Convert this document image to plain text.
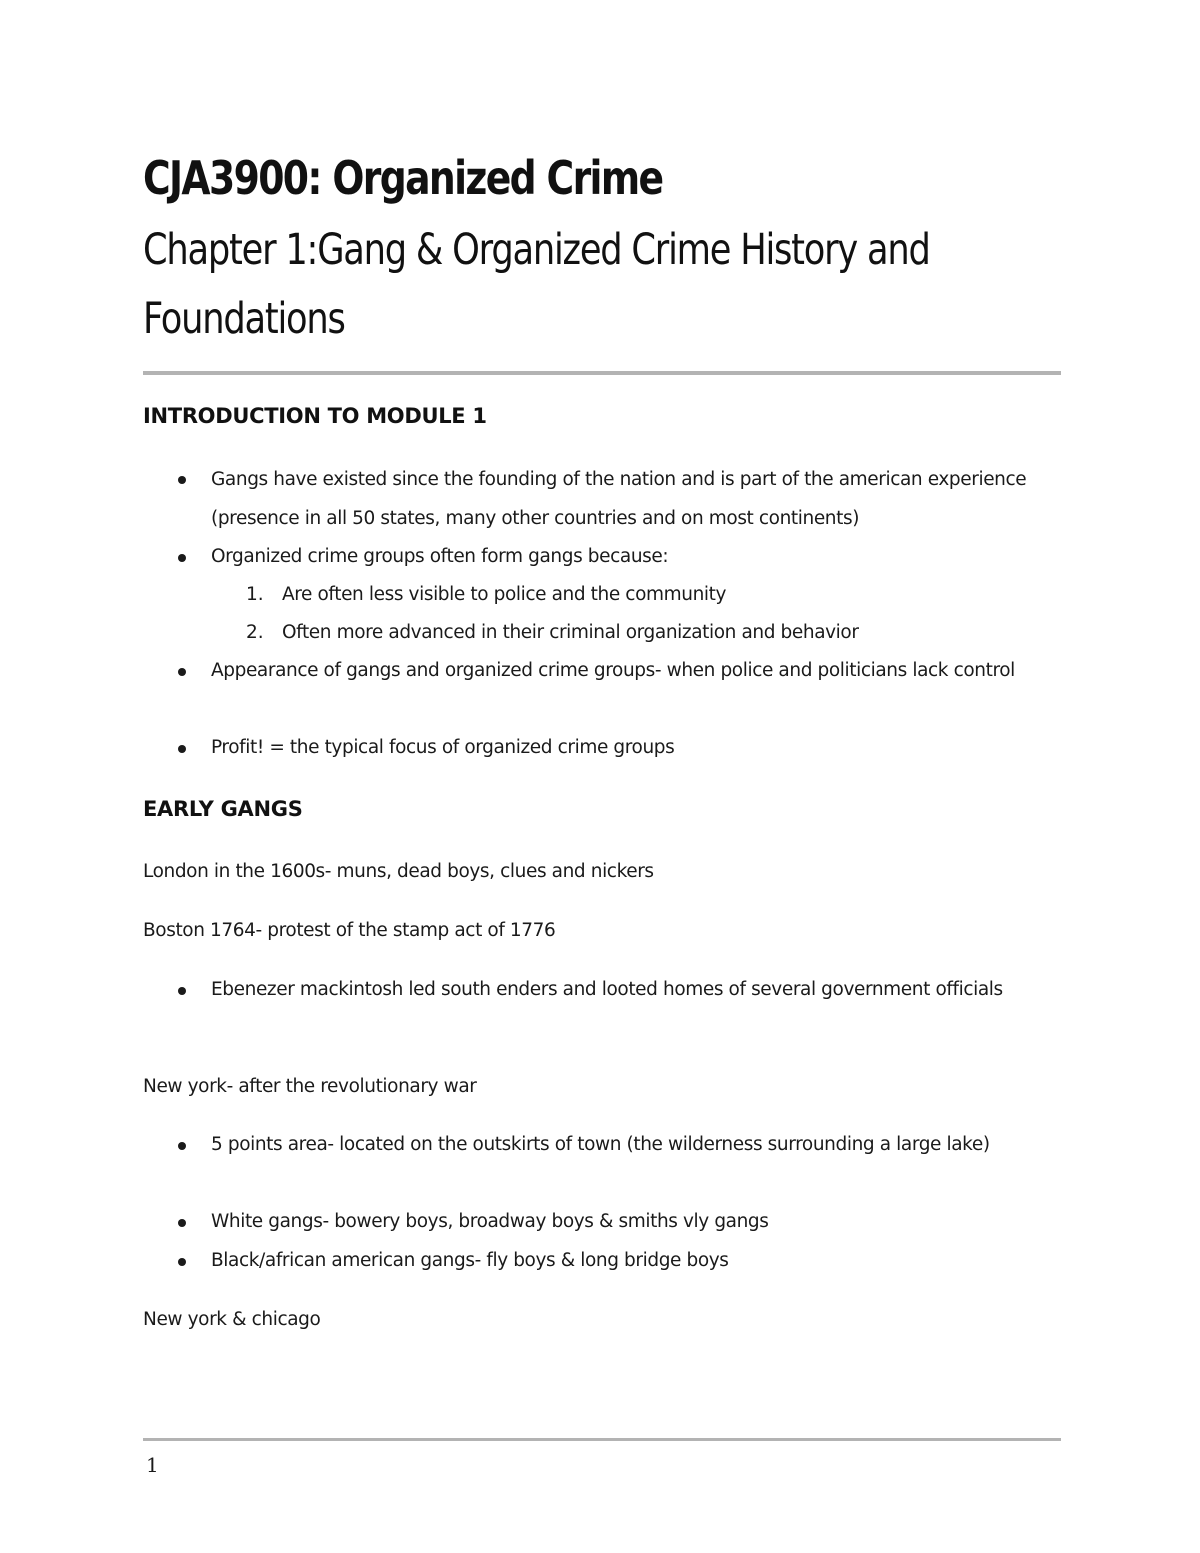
CJA3900: Organized Crime
Chapter 1:Gang & Organized Crime History and Foundations
INTRODUCTION TO MODULE 1

Gangs have existed since the founding of the nation and is part of the american experience (presence in all 50 states, many other countries and on most continents)

Organized crime groups often form gangs because:

1. Are often less visible to police and the community

2. Often more advanced in their criminal organization and behavior

Appearance of gangs and organized crime groups- when police and politicians lack control

Profit! = the typical focus of organized crime groups

EARLY GANGS

London in the 1600s- muns, dead boys, clues and nickers

Boston 1764- protest of the stamp act of 1776

Ebenezer mackintosh led south enders and looted homes of several government officials

New york- after the revolutionary war

5 points area- located on the outskirts of town (the wilderness surrounding a large lake)

White gangs- bowery boys, broadway boys & smiths vly gangs

Black/african american gangs- fly boys & long bridge boys

New york & chicago

1
